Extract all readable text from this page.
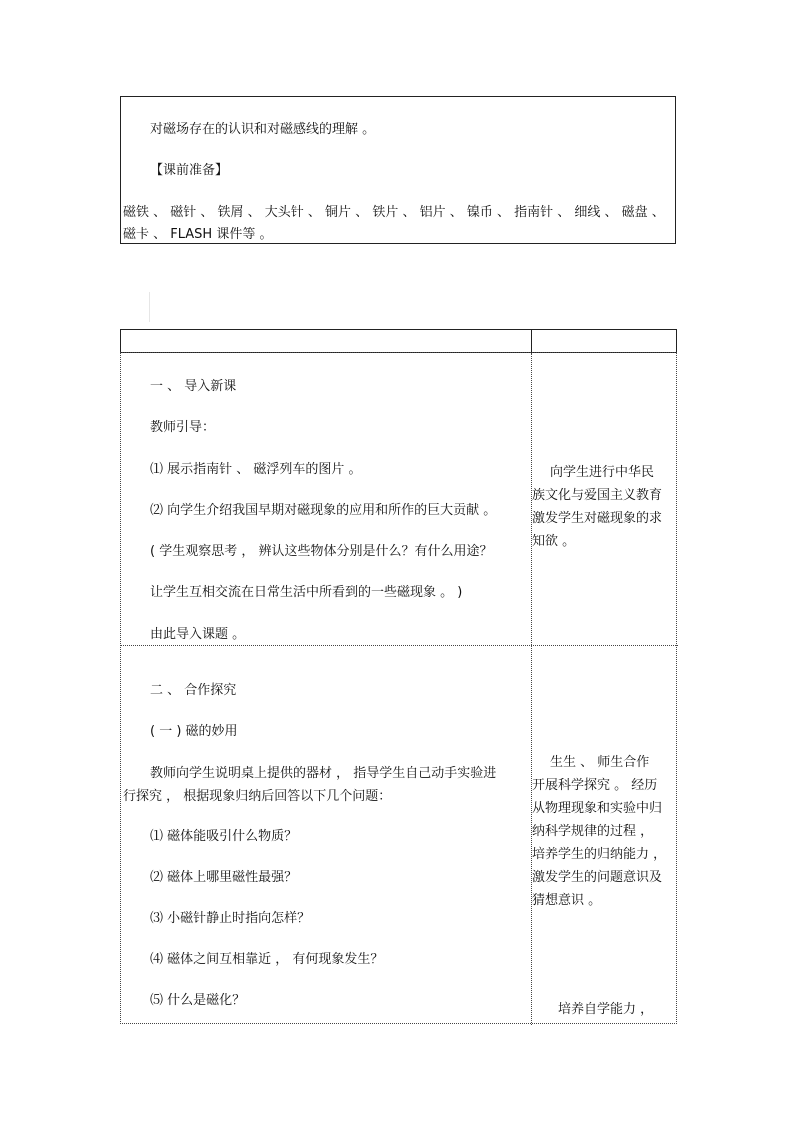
对磁场存在的认识和对磁感线的理解 。
【课前准备】
磁铁 、 磁针 、 铁屑 、 大头针 、 铜片 、 铁片 、 铝片 、 镍币 、 指南针 、 细线 、 磁盘 、
磁卡 、 FLASH 课件等 。
一 、 导入新课
教师引导：
⑴ 展示指南针 、 磁浮列车的图片 。
⑵ 向学生介绍我国早期对磁现象的应用和所作的巨大贡献 。
( 学生观察思考 ， 辨认这些物体分别是什么？有什么用途？
让学生互相交流在日常生活中所看到的一些磁现象 。 )
由此导入课题 。
向学生进行中华民
族文化与爱国主义教育
激发学生对磁现象的求
知欲 。
二 、 合作探究
( 一 ) 磁的妙用
教师向学生说明桌上提供的器材 ， 指导学生自己动手实验进
行探究 ， 根据现象归纳后回答以下几个问题：
⑴ 磁体能吸引什么物质？
⑵ 磁体上哪里磁性最强？
⑶ 小磁针静止时指向怎样？
⑷ 磁体之间互相靠近 ， 有何现象发生？
⑸ 什么是磁化？
生生 、 师生合作
开展科学探究 。 经历
从物理现象和实验中归
纳科学规律的过程 ，
培养学生的归纳能力 ，
激发学生的问题意识及
猜想意识 。
培养自学能力 ，
